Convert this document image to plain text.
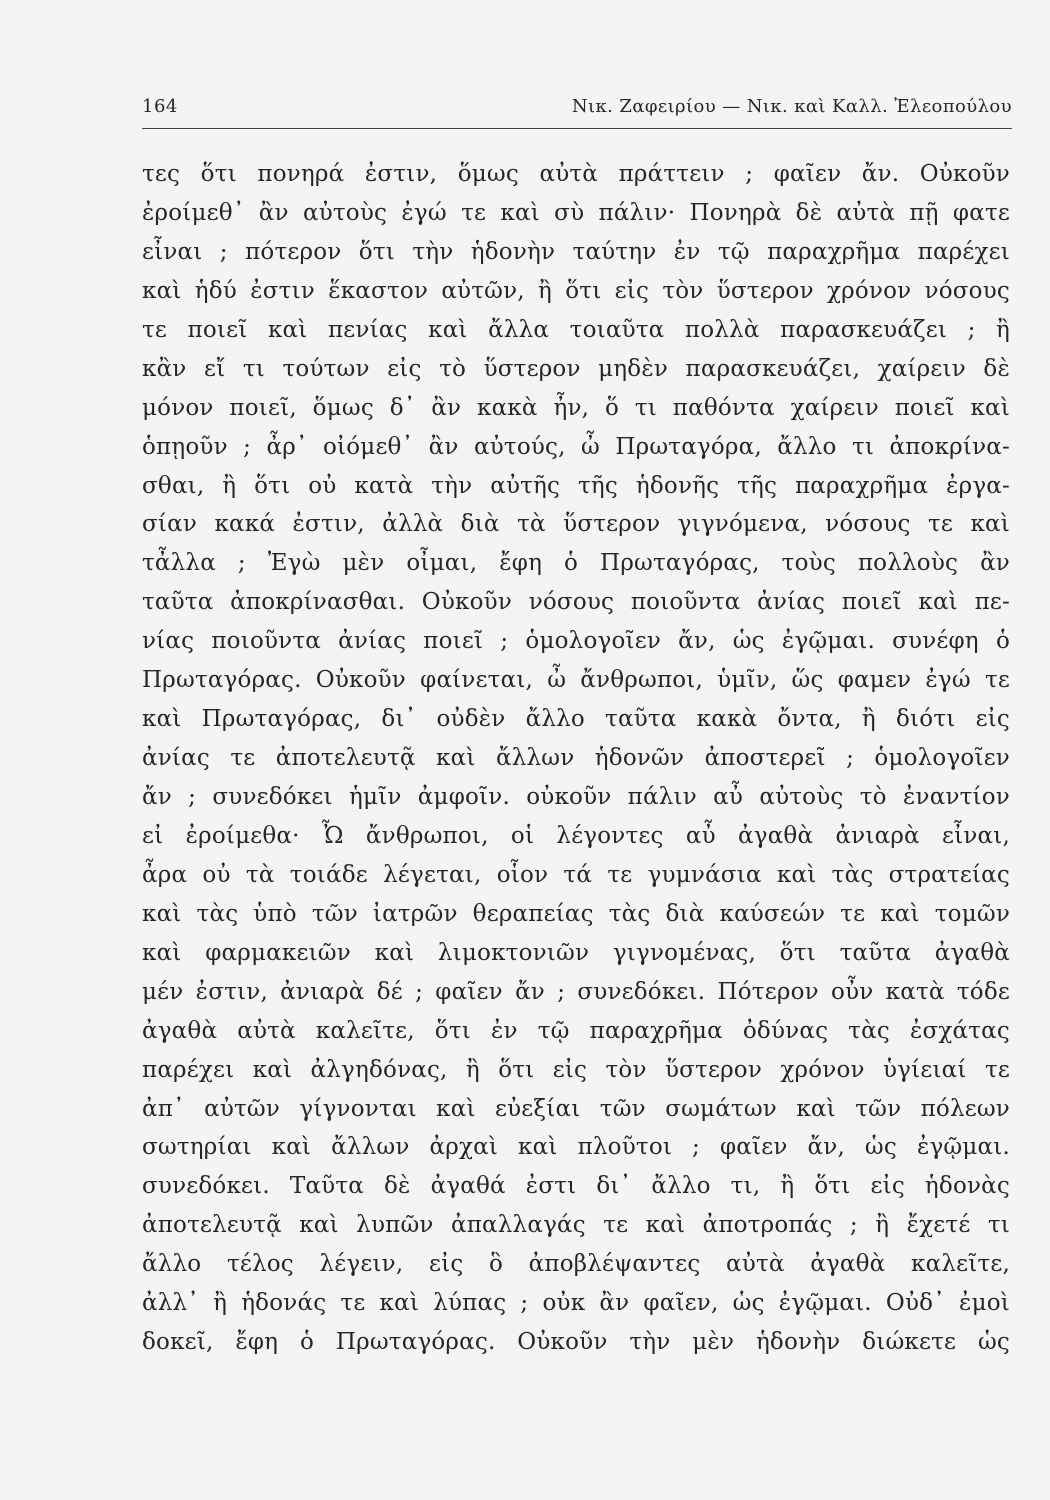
164	Νικ. Ζαφειρίου — Νικ. καὶ Καλλ. Ἐλεοπούλου
τες ὅτι πονηρά ἐστιν, ὅμως αὐτὰ πράττειν ; φαῖεν ἄν. Οὐκοῦν
ἐροίμεθ᾽ ἂν αὐτοὺς ἐγώ τε καὶ σὺ πάλιν· Πονηρὰ δὲ αὐτὰ πῇ φατε
εἶναι ; πότερον ὅτι τὴν ἡδονὴν ταύτην ἐν τῷ παραχρῆμα παρέχει
καὶ ἡδύ ἐστιν ἕκαστον αὐτῶν, ἢ ὅτι εἰς τὸν ὕστερον χρόνον νόσους
τε ποιεῖ καὶ πενίας καὶ ἄλλα τοιαῦτα πολλὰ παρασκευάζει ; ἢ
κἂν εἴ τι τούτων εἰς τὸ ὕστερον μηδὲν παρασκευάζει, χαίρειν δὲ
μόνον ποιεῖ, ὅμως δ᾽ ἂν κακὰ ἦν, ὅ τι παθόντα χαίρειν ποιεῖ καὶ
ὁπῃοῦν ; ἆρ᾽ οἰόμεθ᾽ ἂν αὐτούς, ὦ Πρωταγόρα, ἄλλο τι ἀποκρίνα-
σθαι, ἢ ὅτι οὐ κατὰ τὴν αὐτῆς τῆς ἡδονῆς τῆς παραχρῆμα ἐργα-
σίαν κακά ἐστιν, ἀλλὰ διὰ τὰ ὕστερον γιγνόμενα, νόσους τε καὶ
τἆλλα ; Ἐγὼ μὲν οἶμαι, ἔφη ὁ Πρωταγόρας, τοὺς πολλοὺς ἂν
ταῦτα ἀποκρίνασθαι. Οὐκοῦν νόσους ποιοῦντα ἀνίας ποιεῖ καὶ πε-
νίας ποιοῦντα ἀνίας ποιεῖ ; ὁμολογοῖεν ἄν, ὡς ἐγῷμαι. συνέφη ὁ
Πρωταγόρας. Οὐκοῦν φαίνεται, ὦ ἄνθρωποι, ὑμῖν, ὥς φαμεν ἐγώ τε
καὶ Πρωταγόρας, δι᾽ οὐδὲν ἄλλο ταῦτα κακὰ ὄντα, ἢ διότι εἰς
ἀνίας τε ἀποτελευτᾷ καὶ ἄλλων ἡδονῶν ἀποστερεῖ ; ὁμολογοῖεν
ἄν ; συνεδόκει ἡμῖν ἀμφοῖν. οὐκοῦν πάλιν αὖ αὐτοὺς τὸ ἐναντίον
εἰ ἐροίμεθα· Ὦ ἄνθρωποι, οἱ λέγοντες αὖ ἀγαθὰ ἀνιαρὰ εἶναι,
ἆρα οὐ τὰ τοιάδε λέγεται, οἷον τά τε γυμνάσια καὶ τὰς στρατείας
καὶ τὰς ὑπὸ τῶν ἰατρῶν θεραπείας τὰς διὰ καύσεών τε καὶ τομῶν
καὶ φαρμακειῶν καὶ λιμοκτονιῶν γιγνομένας, ὅτι ταῦτα ἀγαθὰ
μέν ἐστιν, ἀνιαρὰ δέ ; φαῖεν ἄν ; συνεδόκει. Πότερον οὖν κατὰ τόδε
ἀγαθὰ αὐτὰ καλεῖτε, ὅτι ἐν τῷ παραχρῆμα ὀδύνας τὰς ἐσχάτας
παρέχει καὶ ἀλγηδόνας, ἢ ὅτι εἰς τὸν ὕστερον χρόνον ὑγίειαί τε
ἀπ᾽ αὐτῶν γίγνονται καὶ εὐεξίαι τῶν σωμάτων καὶ τῶν πόλεων
σωτηρίαι καὶ ἄλλων ἀρχαὶ καὶ πλοῦτοι ; φαῖεν ἄν, ὡς ἐγῷμαι.
συνεδόκει. Ταῦτα δὲ ἀγαθά ἐστι δι᾽ ἄλλο τι, ἢ ὅτι εἰς ἡδονὰς
ἀποτελευτᾷ καὶ λυπῶν ἀπαλλαγάς τε καὶ ἀποτροπάς ; ἢ ἔχετέ τι
ἄλλο τέλος λέγειν, εἰς ὃ ἀποβλέψαντες αὐτὰ ἀγαθὰ καλεῖτε,
ἀλλ᾽ ἢ ἡδονάς τε καὶ λύπας ; οὐκ ἂν φαῖεν, ὡς ἐγῷμαι. Οὐδ᾽ ἐμοὶ
δοκεῖ, ἔφη ὁ Πρωταγόρας. Οὐκοῦν τὴν μὲν ἡδονὴν διώκετε ὡς
